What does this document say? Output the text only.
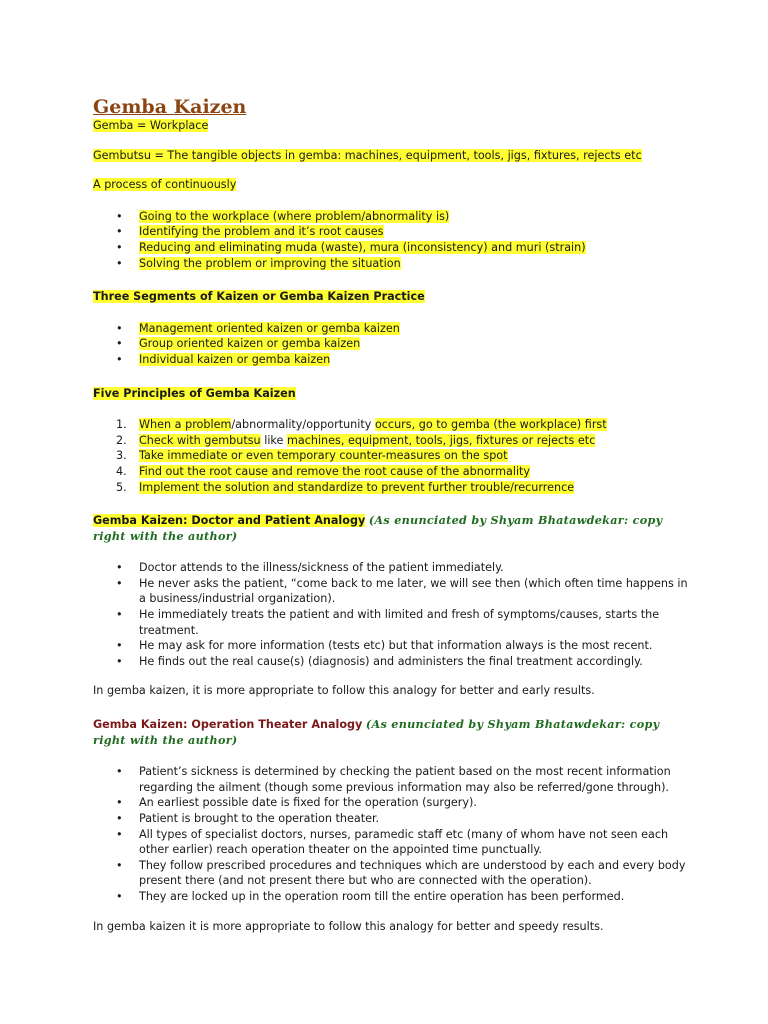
Gemba Kaizen

Gemba = Workplace

Gembutsu = The tangible objects in gemba: machines, equipment, tools, jigs, fixtures, rejects etc

A process of continuously

• Going to the workplace (where problem/abnormality is)
• Identifying the problem and it’s root causes
• Reducing and eliminating muda (waste), mura (inconsistency) and muri (strain)
• Solving the problem or improving the situation

Three Segments of Kaizen or Gemba Kaizen Practice

• Management oriented kaizen or gemba kaizen
• Group oriented kaizen or gemba kaizen
• Individual kaizen or gemba kaizen

Five Principles of Gemba Kaizen

1. When a problem/abnormality/opportunity occurs, go to gemba (the workplace) first
2. Check with gembutsu like machines, equipment, tools, jigs, fixtures or rejects etc
3. Take immediate or even temporary counter-measures on the spot
4. Find out the root cause and remove the root cause of the abnormality
5. Implement the solution and standardize to prevent further trouble/recurrence

Gemba Kaizen: Doctor and Patient Analogy (As enunciated by Shyam Bhatawdekar: copy right with the author)

• Doctor attends to the illness/sickness of the patient immediately.
• He never asks the patient, “come back to me later, we will see then (which often time happens in a business/industrial organization).
• He immediately treats the patient and with limited and fresh of symptoms/causes, starts the treatment.
• He may ask for more information (tests etc) but that information always is the most recent.
• He finds out the real cause(s) (diagnosis) and administers the final treatment accordingly.

In gemba kaizen, it is more appropriate to follow this analogy for better and early results.

Gemba Kaizen: Operation Theater Analogy (As enunciated by Shyam Bhatawdekar: copy right with the author)

• Patient’s sickness is determined by checking the patient based on the most recent information regarding the ailment (though some previous information may also be referred/gone through).
• An earliest possible date is fixed for the operation (surgery).
• Patient is brought to the operation theater.
• All types of specialist doctors, nurses, paramedic staff etc (many of whom have not seen each other earlier) reach operation theater on the appointed time punctually.
• They follow prescribed procedures and techniques which are understood by each and every body present there (and not present there but who are connected with the operation).
• They are locked up in the operation room till the entire operation has been performed.

In gemba kaizen it is more appropriate to follow this analogy for better and speedy results.
